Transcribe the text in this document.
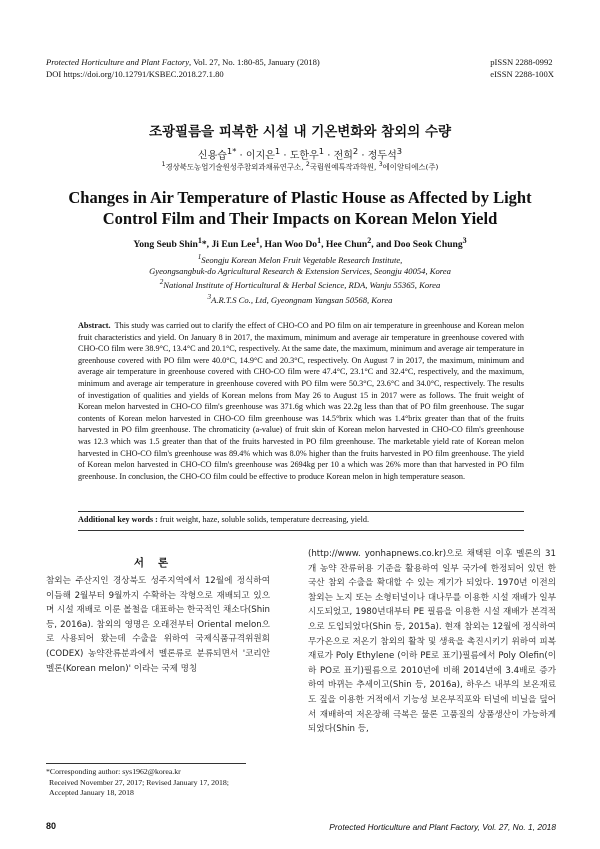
Protected Horticulture and Plant Factory, Vol. 27, No. 1:80-85, January (2018)
DOI https://doi.org/10.12791/KSBEC.2018.27.1.80
pISSN 2288-0992
eISSN 2288-100X
조광필름을 피복한 시설 내 기온변화와 참외의 수량
신용습$^{1*}$ · 이지은$^1$ · 도한우$^1$ · 전희$^2$ · 정두석$^3$
$^1$경상북도농업기술원성주참외과채류연구소, $^2$국립원예특작과학원, $^3$에이알티에스(주)
Changes in Air Temperature of Plastic House as Affected by Light Control Film and Their Impacts on Korean Melon Yield
Yong Seub Shin$^1$*, Ji Eun Lee$^1$, Han Woo Do$^1$, Hee Chun$^2$, and Doo Seok Chung$^3$
$^1$Seongju Korean Melon Fruit Vegetable Research Institute,
Gyeongsangbuk-do Agricultural Research & Extension Services, Seongju 40054, Korea
$^2$National Institute of Horticultural & Herbal Science, RDA, Wanju 55365, Korea
$^3$A.R.T.S Co., Ltd, Gyeongnam Yangsan 50568, Korea
Abstract. This study was carried out to clarify the effect of CHO-CO and PO film on air temperature in greenhouse and Korean melon fruit characteristics and yield. On January 8 in 2017, the maximum, minimum and average air temperature in greenhouse covered with CHO-CO film were 38.9°C, 13.4°C and 20.1°C, respectively. At the same date, the maximum, minimum and average air temperature in greenhouse covered with PO film were 40.0°C, 14.9°C and 20.3°C, respectively. On August 7 in 2017, the maximum, minimum and average air temperature in greenhouse covered with CHO-CO film were 47.4°C, 23.1°C and 32.4°C, respectively, and the maximum, minimum and average air temperature in greenhouse covered with PO film were 50.3°C, 23.6°C and 34.0°C, respectively. The results of investigation of qualities and yields of Korean melons from May 26 to August 15 in 2017 were as follows. The fruit weight of Korean melon harvested in CHO-CO film's greenhouse was 371.6g which was 22.2g less than that of PO film greenhouse. The sugar contents of Korean melon harvested in CHO-CO film greenhouse was 14.5°brix which was 1.4°brix greater than that of the fruits harvested in PO film greenhouse. The chromaticity (a-value) of fruit skin of Korean melon harvested in CHO-CO film's greenhouse was 12.3 which was 1.5 greater than that of the fruits harvested in PO film greenhouse. The marketable yield rate of Korean melon harvested in CHO-CO film's greenhouse was 89.4% which was 8.0% higher than the fruits harvested in PO film greenhouse. The yield of Korean melon harvested in CHO-CO film's greenhouse was 2694kg per 10 a which was 26% more than that harvested in PO film greenhouse. In conclusion, the CHO-CO film could be effective to produce Korean melon in high temperature season.
Additional key words : fruit weight, haze, soluble solids, temperature decreasing, yield.
서론
참외는 주산지인 경상북도 성주지역에서 12월에 정식하여 이듬해 2월부터 9월까지 수확하는 작형으로 재배되고 있으며 시설 재배로 이룬 볼철을 대표하는 한국적인 채소다(Shin 등, 2016a). 참외의 영명은 오래전부터 Oriental melon으로 사용되어 왔는데 수출을 위하여 국제식품규격위원회(CODEX) 농약잔류분과에서 멜론류로 분류되면서 '코리안 멜론(Korean melon)' 이라는 국제 명칭
(http://www. yonhapnews.co.kr)으로 채택된 이후 멜론의 31개 농약 잔류허용 기준을 활용하여 일부 국가에 한정되어 있던 한국산 참외 수출을 확대할 수 있는 계기가 되었다. 1970년 이전의 참외는 노지 또는 소형터널이나 대나무를 이용한 시설 재배가 일부 시도되었고, 1980년대부터 PE 필름을 이용한 시설 재배가 본격적으로 도입되었다(Shin 등, 2015a). 현재 참외는 12월에 정식하여 무가온으로 저온기 참외의 활착 및 생육을 촉진시키기 위하여 피복재료가 Poly Ethylene (이하 PE로 표기)필름에서 Poly Olefin(이하 PO로 표기)필름으로 2010년에 비해 2014년에 3.4배로 증가하여 바뀌는 추세이고(Shin 등, 2016a), 하우스 내부의 보온재료도 짚을 이용한 거적에서 기능성 보온부직포와 터널에 비닐을 덮어서 재배하여 저온장해 극복은 물론 고품질의 상품생산이 가능하게 되었다(Shin 등,
*Corresponding author: sys1962@korea.kr
Received November 27, 2017; Revised January 17, 2018;
Accepted January 18, 2018
80	Protected Horticulture and Plant Factory, Vol. 27, No. 1, 2018
